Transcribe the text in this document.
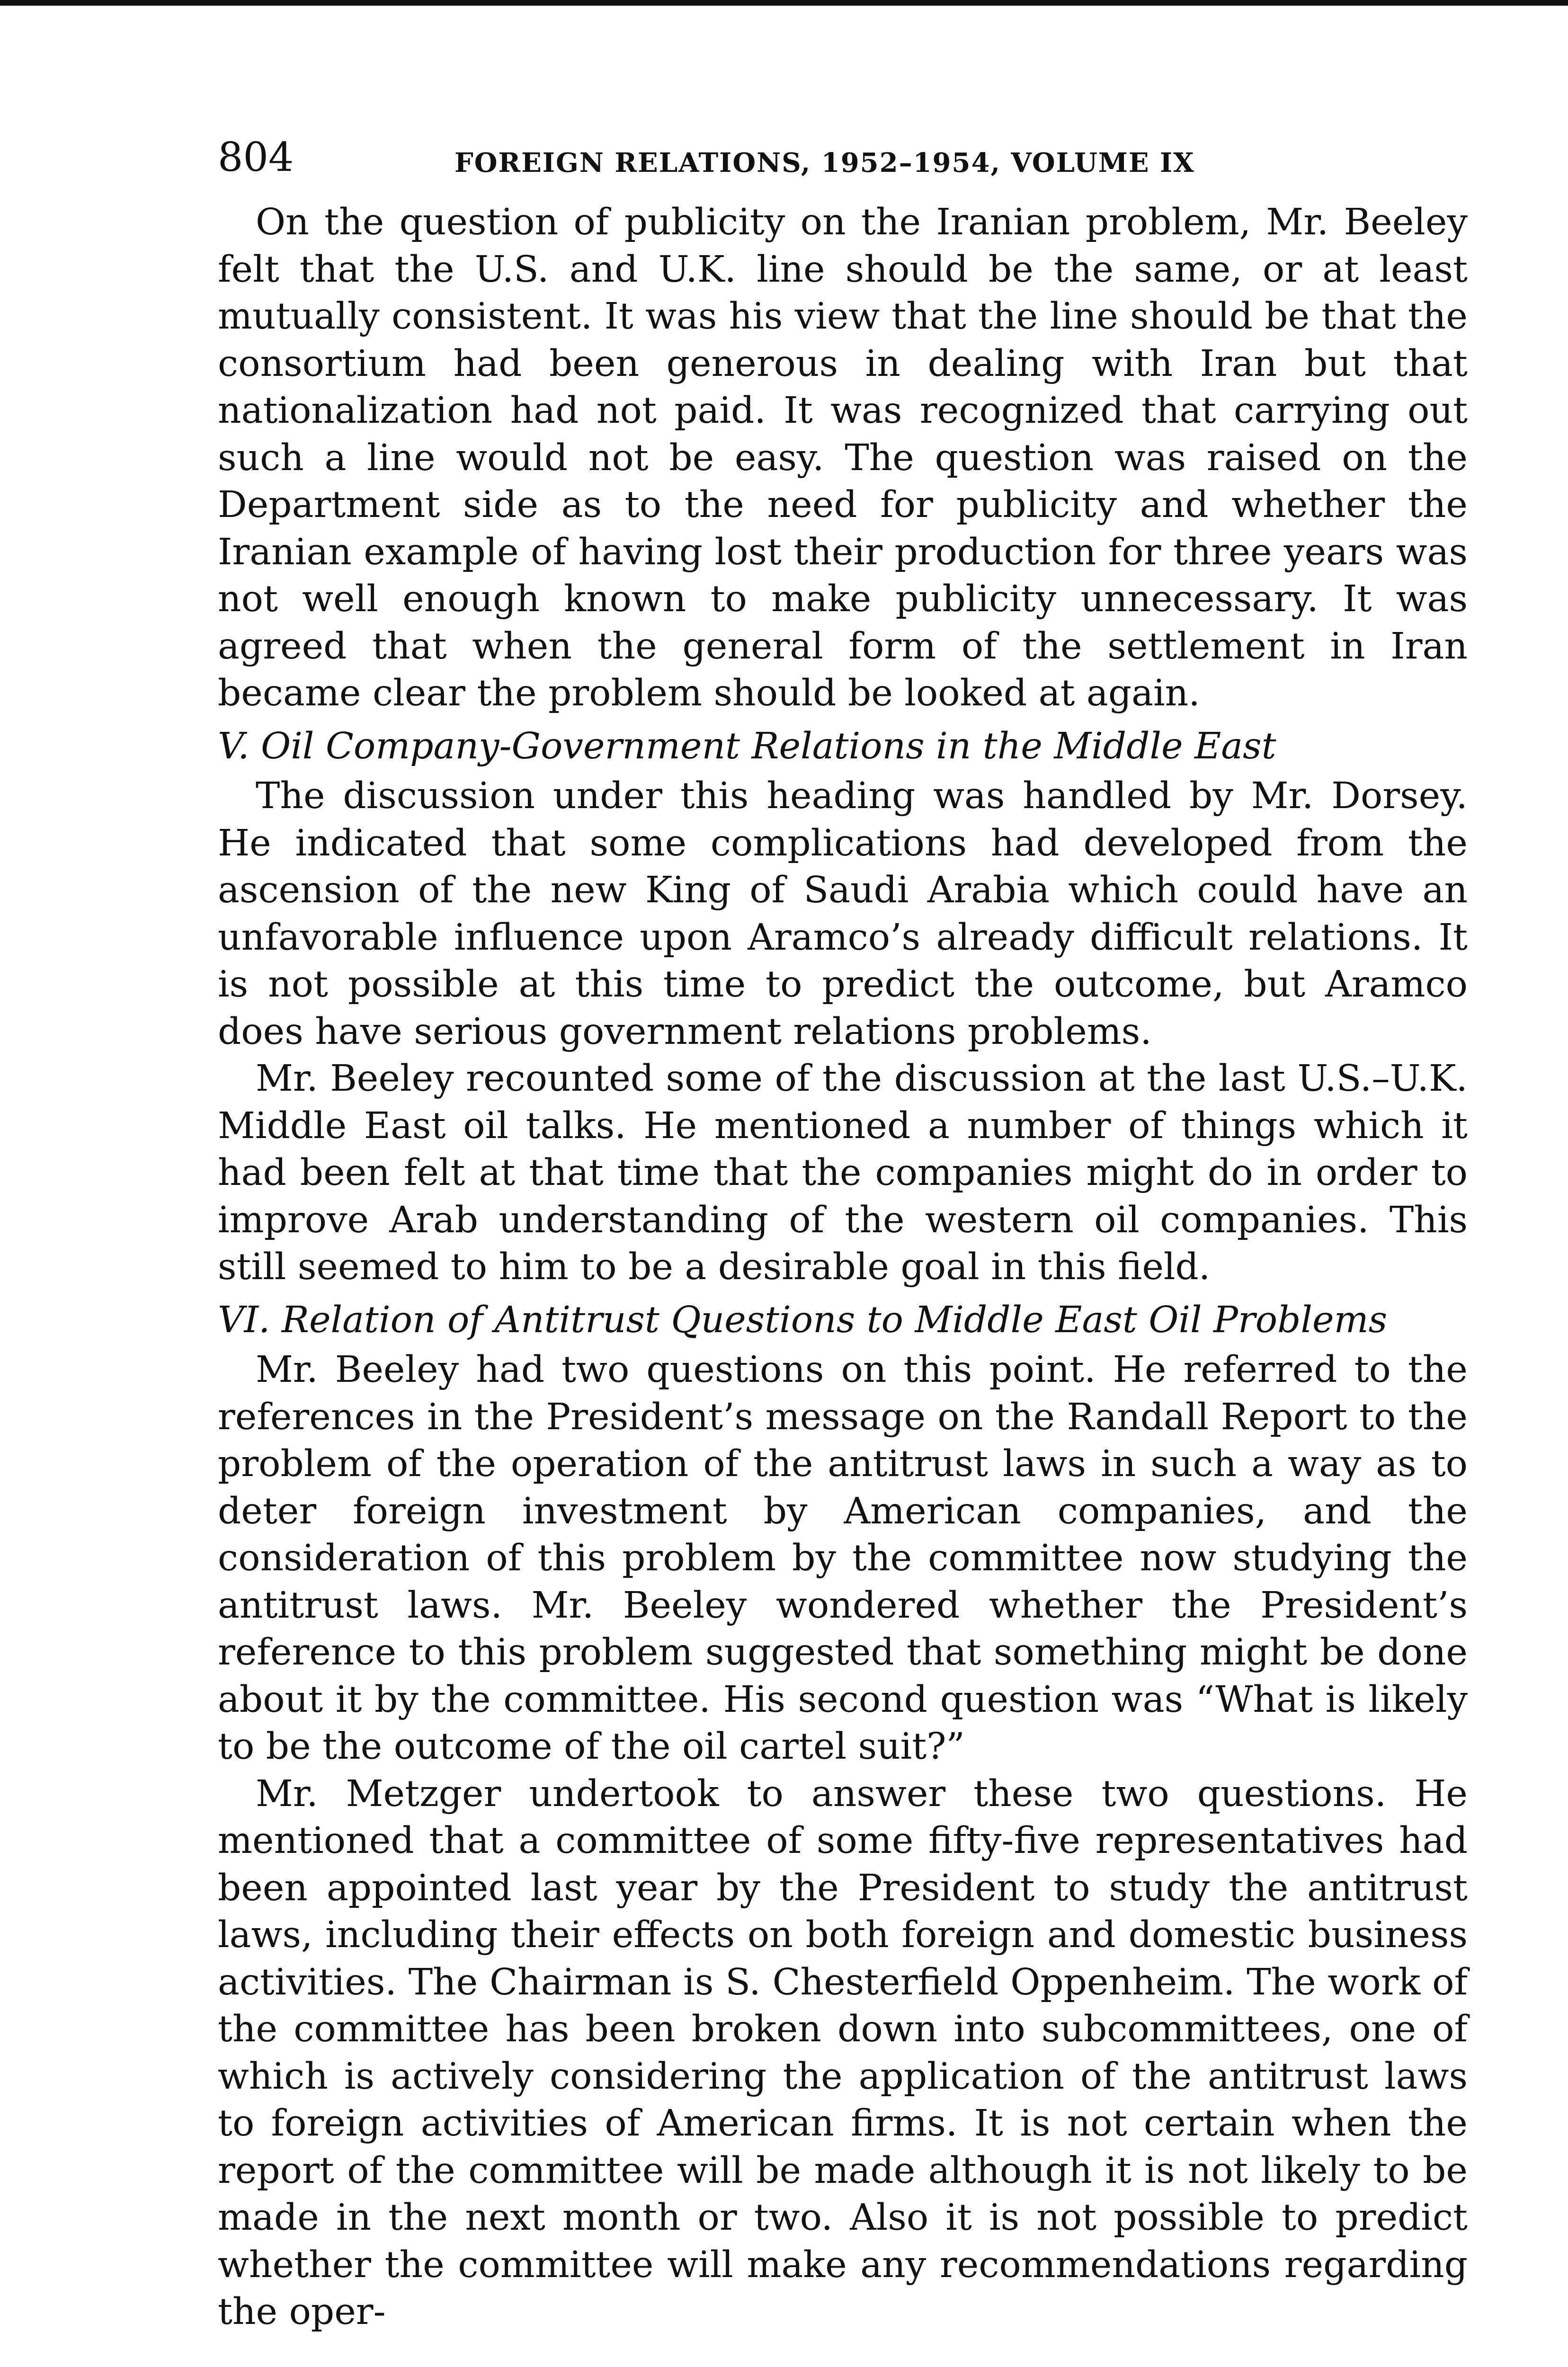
804	FOREIGN RELATIONS, 1952–1954, VOLUME IX

On the question of publicity on the Iranian problem, Mr. Beeley felt that the U.S. and U.K. line should be the same, or at least mutually consistent. It was his view that the line should be that the consortium had been generous in dealing with Iran but that nationalization had not paid. It was recognized that carrying out such a line would not be easy. The question was raised on the Department side as to the need for publicity and whether the Iranian example of having lost their production for three years was not well enough known to make publicity unnecessary. It was agreed that when the general form of the settlement in Iran became clear the problem should be looked at again.

V. Oil Company-Government Relations in the Middle East

The discussion under this heading was handled by Mr. Dorsey. He indicated that some complications had developed from the ascension of the new King of Saudi Arabia which could have an unfavorable influence upon Aramco’s already difficult relations. It is not possible at this time to predict the outcome, but Aramco does have serious government relations problems.

Mr. Beeley recounted some of the discussion at the last U.S.–U.K. Middle East oil talks. He mentioned a number of things which it had been felt at that time that the companies might do in order to improve Arab understanding of the western oil companies. This still seemed to him to be a desirable goal in this field.

VI. Relation of Antitrust Questions to Middle East Oil Problems

Mr. Beeley had two questions on this point. He referred to the references in the President’s message on the Randall Report to the problem of the operation of the antitrust laws in such a way as to deter foreign investment by American companies, and the consideration of this problem by the committee now studying the antitrust laws. Mr. Beeley wondered whether the President’s reference to this problem suggested that something might be done about it by the committee. His second question was “What is likely to be the outcome of the oil cartel suit?”

Mr. Metzger undertook to answer these two questions. He mentioned that a committee of some fifty-five representatives had been appointed last year by the President to study the antitrust laws, including their effects on both foreign and domestic business activities. The Chairman is S. Chesterfield Oppenheim. The work of the committee has been broken down into subcommittees, one of which is actively considering the application of the antitrust laws to foreign activities of American firms. It is not certain when the report of the committee will be made although it is not likely to be made in the next month or two. Also it is not possible to predict whether the committee will make any recommendations regarding the oper-
